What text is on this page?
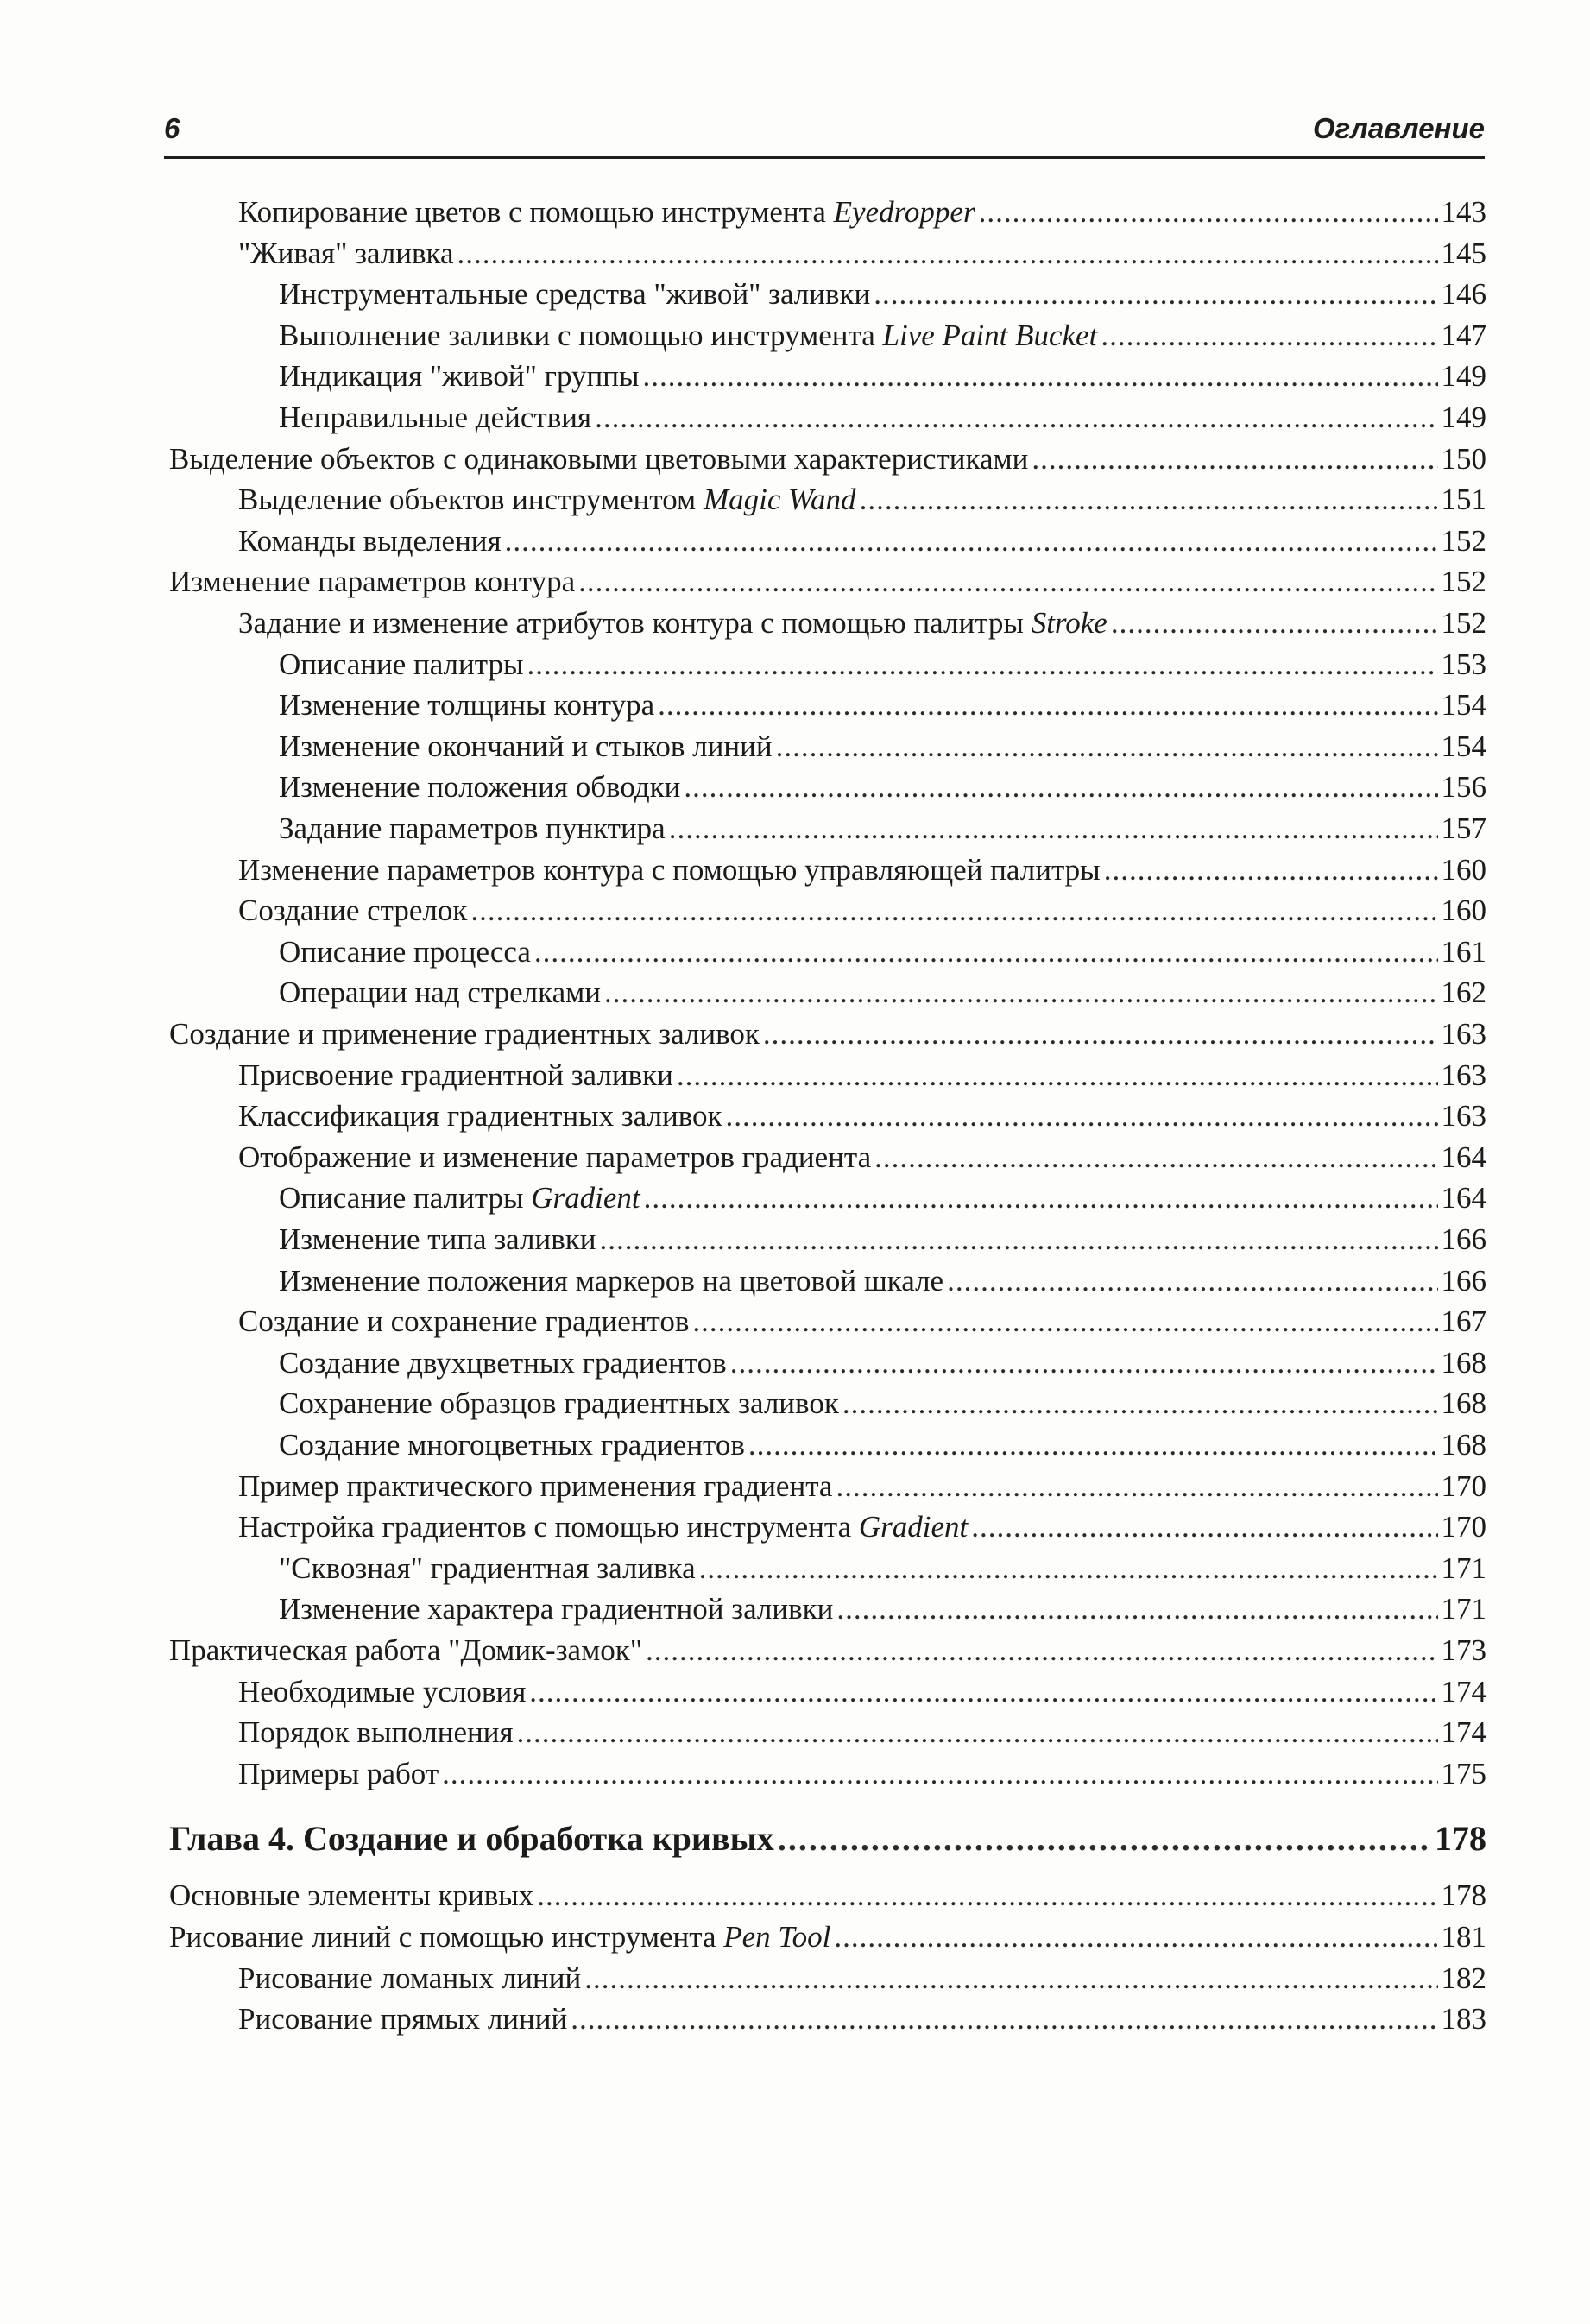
6	Оглавление
Копирование цветов с помощью инструмента Eyedropper .....	143
"Живая" заливка .....	145
Инструментальные средства "живой" заливки .....	146
Выполнение заливки с помощью инструмента Live Paint Bucket .....	147
Индикация "живой" группы .....	149
Неправильные действия .....	149
Выделение объектов с одинаковыми цветовыми характеристиками .....	150
Выделение объектов инструментом Magic Wand .....	151
Команды выделения .....	152
Изменение параметров контура .....	152
Задание и изменение атрибутов контура с помощью палитры Stroke .....	152
Описание палитры .....	153
Изменение толщины контура .....	154
Изменение окончаний и стыков линий .....	154
Изменение положения обводки .....	156
Задание параметров пунктира .....	157
Изменение параметров контура с помощью управляющей палитры .....	160
Создание стрелок .....	160
Описание процесса .....	161
Операции над стрелками .....	162
Создание и применение градиентных заливок .....	163
Присвоение градиентной заливки .....	163
Классификация градиентных заливок .....	163
Отображение и изменение параметров градиента .....	164
Описание палитры Gradient .....	164
Изменение типа заливки .....	166
Изменение положения маркеров на цветовой шкале .....	166
Создание и сохранение градиентов .....	167
Создание двухцветных градиентов .....	168
Сохранение образцов градиентных заливок .....	168
Создание многоцветных градиентов .....	168
Пример практического применения градиента .....	170
Настройка градиентов с помощью инструмента Gradient .....	170
"Сквозная" градиентная заливка .....	171
Изменение характера градиентной заливки .....	171
Практическая работа "Домик-замок" .....	173
Необходимые условия .....	174
Порядок выполнения .....	174
Примеры работ .....	175
Глава 4. Создание и обработка кривых .....	178
Основные элементы кривых .....	178
Рисование линий с помощью инструмента Pen Tool .....	181
Рисование ломаных линий .....	182
Рисование прямых линий .....	183
